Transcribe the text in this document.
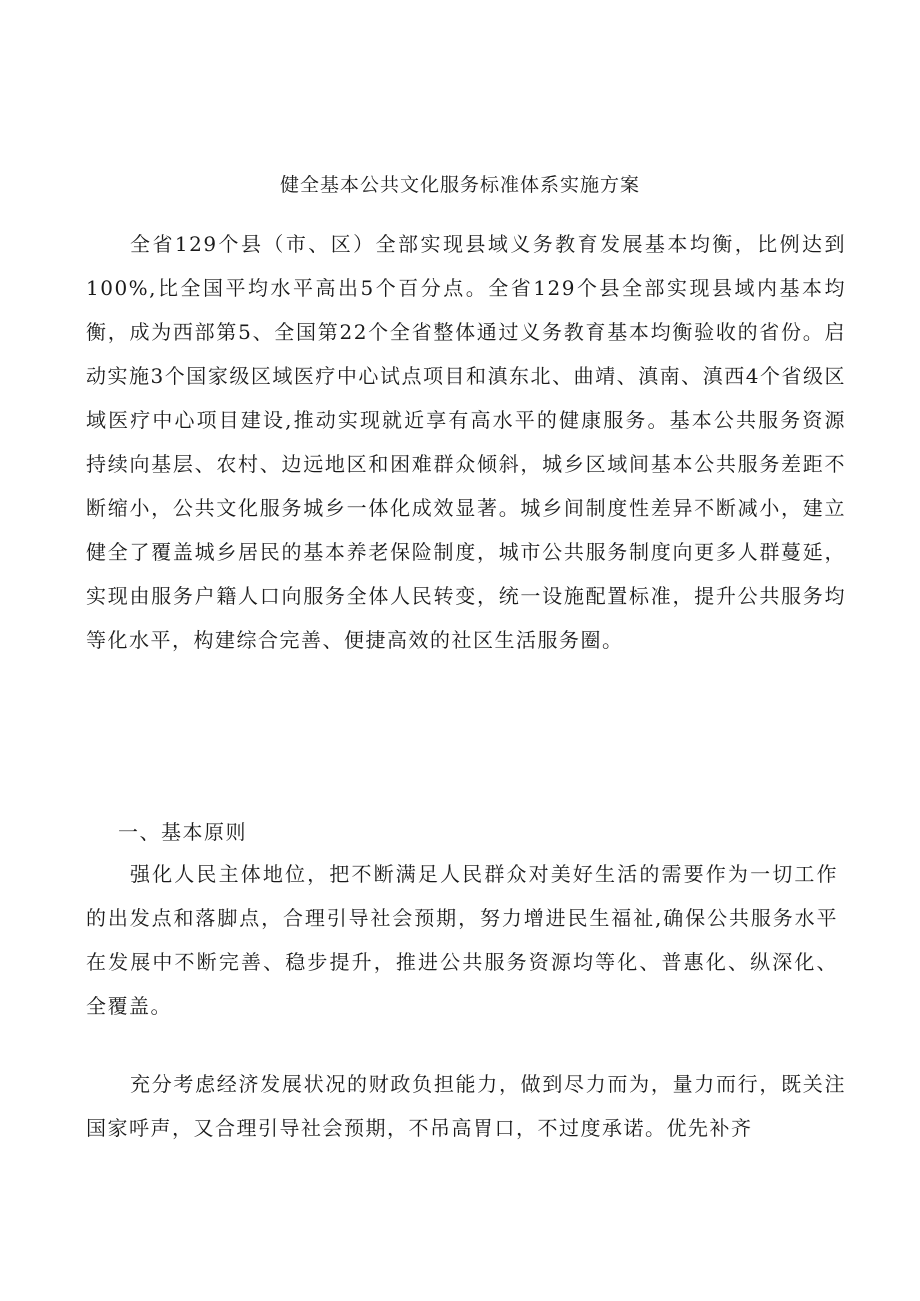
健全基本公共文化服务标准体系实施方案

全省129个县（市、区）全部实现县域义务教育发展基本均衡，比例达到100%,比全国平均水平高出5个百分点。全省129个县全部实现县域内基本均衡，成为西部第5、全国第22个全省整体通过义务教育基本均衡验收的省份。启动实施3个国家级区域医疗中心试点项目和滇东北、曲靖、滇南、滇西4个省级区域医疗中心项目建设,推动实现就近享有高水平的健康服务。基本公共服务资源持续向基层、农村、边远地区和困难群众倾斜，城乡区域间基本公共服务差距不断缩小，公共文化服务城乡一体化成效显著。城乡间制度性差异不断减小，建立健全了覆盖城乡居民的基本养老保险制度，城市公共服务制度向更多人群蔓延，实现由服务户籍人口向服务全体人民转变，统一设施配置标准，提升公共服务均等化水平，构建综合完善、便捷高效的社区生活服务圈。

一、基本原则

强化人民主体地位，把不断满足人民群众对美好生活的需要作为一切工作的出发点和落脚点，合理引导社会预期，努力增进民生福祉,确保公共服务水平在发展中不断完善、稳步提升，推进公共服务资源均等化、普惠化、纵深化、全覆盖。

充分考虑经济发展状况的财政负担能力，做到尽力而为，量力而行，既关注国家呼声，又合理引导社会预期，不吊高胃口，不过度承诺。优先补齐
